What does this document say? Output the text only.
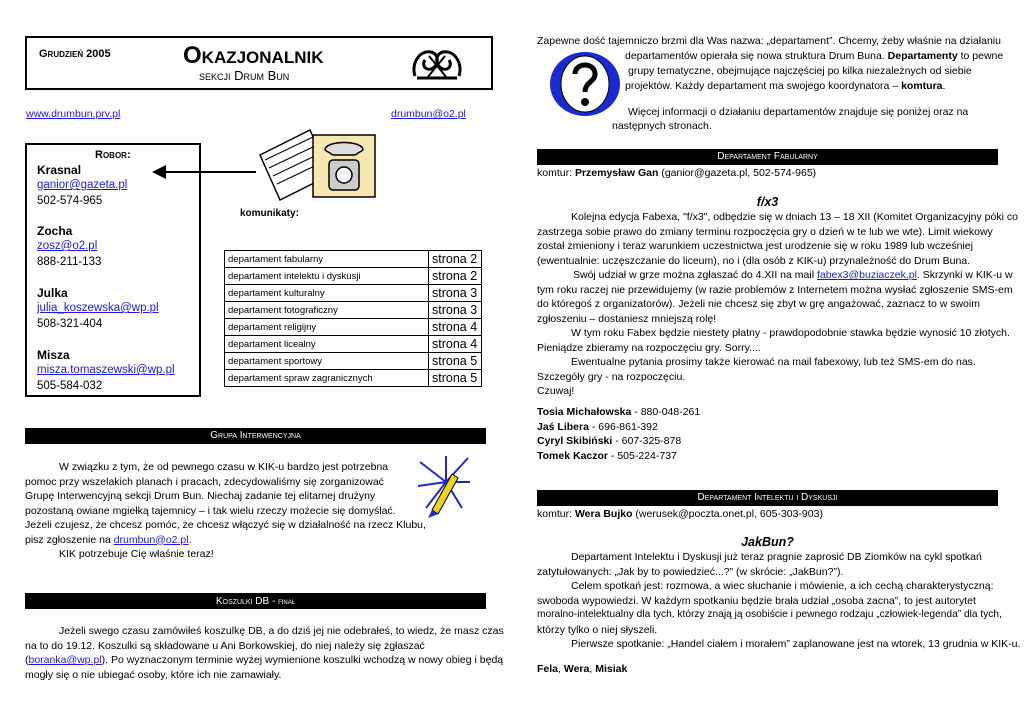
Grudzień 2005	Okazjonalnik
sekcji Drum Bun
www.drumbun.prv.pl	drumbun@o2.pl
Robor:
Krasnal
ganior@gazeta.pl
502-574-965
Zocha
zosz@o2.pl
888-211-133
Julka
julia_koszewska@wp.pl
508-321-404
Misza
misza.tomaszewski@wp.pl
505-584-032
komunikaty:
departament fabularny	strona 2
departament intelektu i dyskusji	strona 2
departament kulturalny	strona 3
departament fotograficzny	strona 3
departament religijny	strona 4
departament licealny	strona 4
departament sportowy	strona 5
departament spraw zagranicznych	strona 5
Grupa Interwencyjna
W związku z tym, że od pewnego czasu w KIK-u bardzo jest potrzebna
pomoc przy wszelakich planach i pracach, zdecydowaliśmy się zorganizować
Grupę Interwencyjną sekcji Drum Bun. Niechaj zadanie tej elitarnej drużyny
pozostaną owiane mgiełką tajemnicy – i tak wielu rzeczy możecie się domyślać.
Jeżeli czujesz, że chcesz pomóc, że chcesz włączyć się w działalność na rzecz Klubu,
pisz zgłoszenie na drumbun@o2.pl.
KIK potrzebuje Cię właśnie teraz!
Koszulki DB - finał
Jeżeli swego czasu zamówiłeś koszulkę DB, a do dziś jej nie odebrałeś, to wiedz, że masz czas
na to do 19.12. Koszulki są składowane u Ani Borkowskiej, do niej należy się zgłaszać
(boranka@wp.pl). Po wyznaczonym terminie wyżej wymienione koszulki wchodzą w nowy obieg i będą
mogły się o nie ubiegać osoby, które ich nie zamawiały.
Zapewne dość tajemniczo brzmi dla Was nazwa: „departament”. Chcemy, żeby właśnie na działaniu
departamentów opierała się nowa struktura Drum Buna. Departamenty to pewne
grupy tematyczne, obejmujące najczęściej po kilka niezależnych od siebie
projektów. Każdy departament ma swojego koordynatora – komtura.
Więcej informacji o działaniu departamentów znajduje się poniżej oraz na
następnych stronach.
Departament Fabularny
komtur: Przemysław Gan (ganior@gazeta.pl, 502-574-965)
f/x3
Kolejna edycja Fabexa, "f/x3", odbędzie się w dniach 13 – 18 XII (Komitet Organizacyjny póki co
zastrzega sobie prawo do zmiany terminu rozpoczęcia gry o dzień w te lub we wte). Limit wiekowy
został zmieniony i teraz warunkiem uczestnictwa jest urodzenie się w roku 1989 lub wcześniej
(ewentualnie: uczęszczanie do liceum), no i (dla osób z KIK-u) przynależność do Drum Buna.
Swój udział w grze można zgłaszać do 4.XII na mail fabex3@buziaczek.pl. Skrzynki w KIK-u w
tym roku raczej nie przewidujemy (w razie problemów z Internetem można wysłać zgłoszenie SMS-em
do któregoś z organizatorów). Jeżeli nie chcesz się zbyt w grę angażować, zaznacz to w swoim
zgłoszeniu – dostaniesz mniejszą rolę!
W tym roku Fabex będzie niestety płatny - prawdopodobnie stawka będzie wynosić 10 złotych.
Pieniądze zbieramy na rozpoczęciu gry. Sorry....
Ewentualne pytania prosimy także kierować na mail fabexowy, lub też SMS-em do nas.
Szczegóły gry - na rozpoczęciu.
Czuwaj!
Tosia Michałowska - 880-048-261
Jaś Libera - 696-861-392
Cyryl Skibiński - 607-325-878
Tomek Kaczor - 505-224-737
Departament Intelektu i Dyskusji
komtur: Wera Bujko (werusek@poczta.onet.pl, 605-303-903)
JakBun?
Departament Intelektu i Dyskusji już teraz pragnie zaprosić DB Ziomków na cykl spotkań
zatytułowanych: „Jak by to powiedzieć...?” (w skrócie: „JakBun?”).
Celem spotkań jest: rozmowa, a wiec słuchanie i mówienie, a ich cechą charakterystyczną:
swoboda wypowiedzi. W każdym spotkaniu będzie brała udział „osoba zacna”, to jest autorytet
moralno-intelektualny dla tych, którzy znają ją osobiście i pewnego rodzaju „człowiek-legenda” dla tych,
którzy tylko o niej słyszeli.
Pierwsze spotkanie: „Handel ciałem i morałem” zaplanowane jest na wtorek, 13 grudnia w KIK-u.
Fela, Wera, Misiak
